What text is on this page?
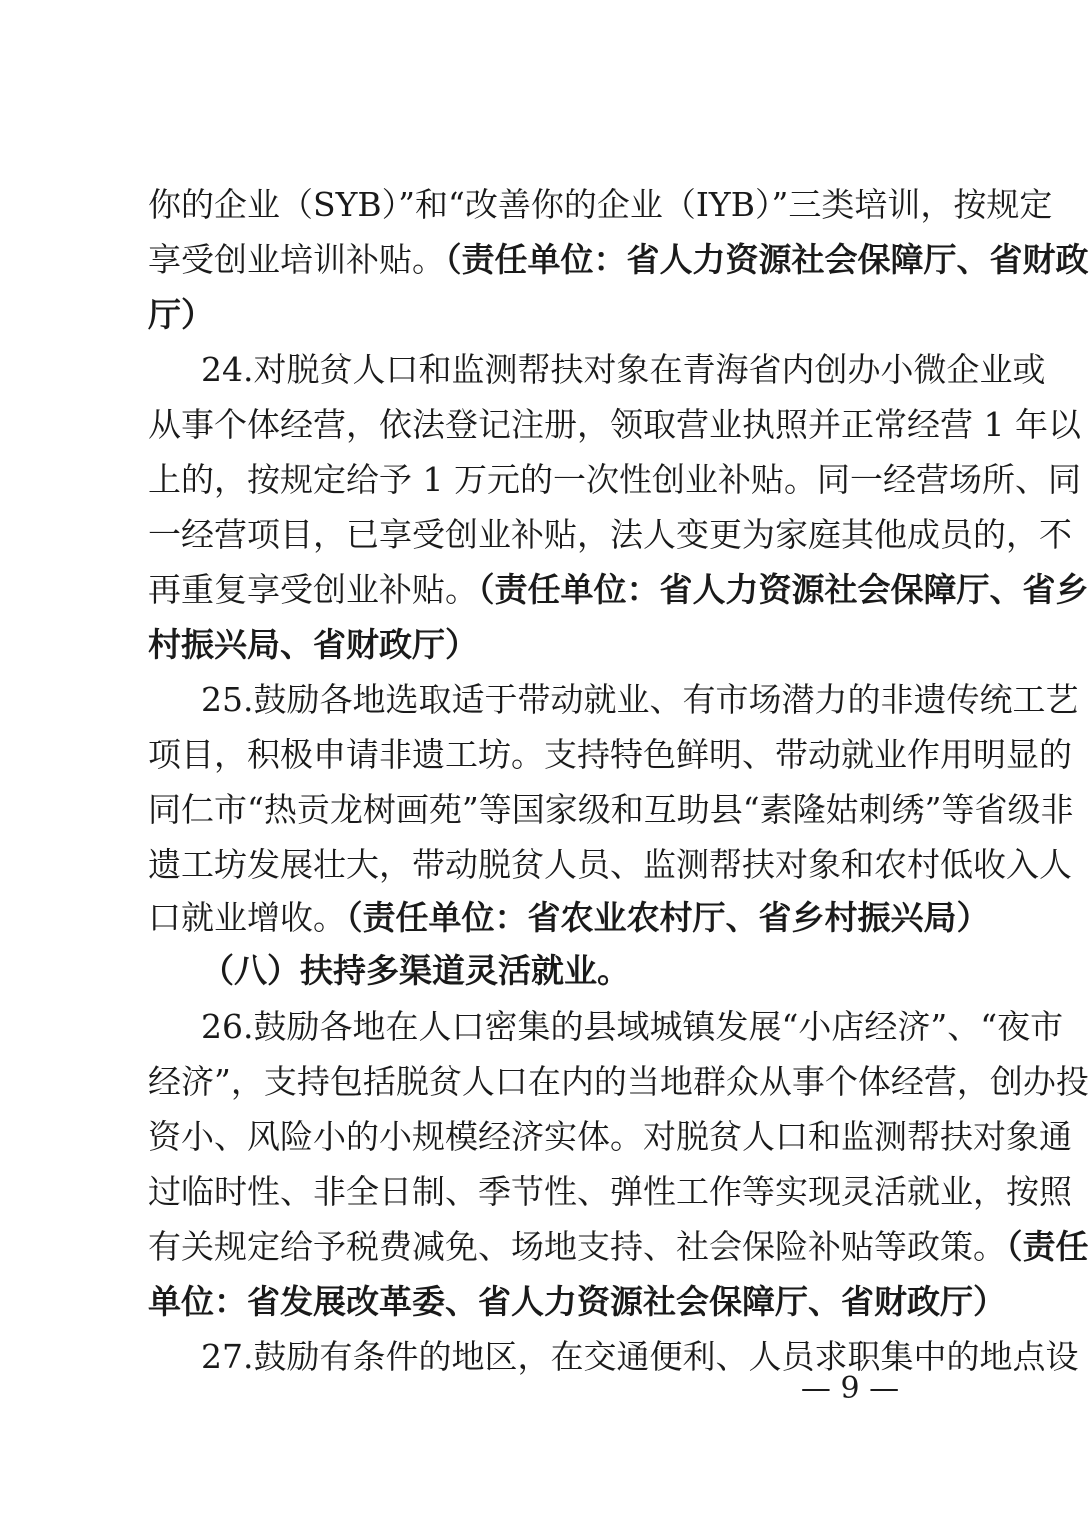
你的企业（SYB）”和“改善你的企业（IYB）”三类培训，按规定
享受创业培训补贴。（责任单位：省人力资源社会保障厅、省财政
厅）
24.对脱贫人口和监测帮扶对象在青海省内创办小微企业或
从事个体经营，依法登记注册，领取营业执照并正常经营 1 年以
上的，按规定给予 1 万元的一次性创业补贴。同一经营场所、同
一经营项目，已享受创业补贴，法人变更为家庭其他成员的，不
再重复享受创业补贴。（责任单位：省人力资源社会保障厅、省乡
村振兴局、省财政厅）
25.鼓励各地选取适于带动就业、有市场潜力的非遗传统工艺
项目，积极申请非遗工坊。支持特色鲜明、带动就业作用明显的
同仁市“热贡龙树画苑”等国家级和互助县“素隆姑刺绣”等省级非
遗工坊发展壮大，带动脱贫人员、监测帮扶对象和农村低收入人
口就业增收。（责任单位：省农业农村厅、省乡村振兴局）
（八）扶持多渠道灵活就业。
26.鼓励各地在人口密集的县域城镇发展“小店经济”、“夜市
经济”，支持包括脱贫人口在内的当地群众从事个体经营，创办投
资小、风险小的小规模经济实体。对脱贫人口和监测帮扶对象通
过临时性、非全日制、季节性、弹性工作等实现灵活就业，按照
有关规定给予税费减免、场地支持、社会保险补贴等政策。（责任
单位：省发展改革委、省人力资源社会保障厅、省财政厅）
27.鼓励有条件的地区，在交通便利、人员求职集中的地点设
— 9 —
